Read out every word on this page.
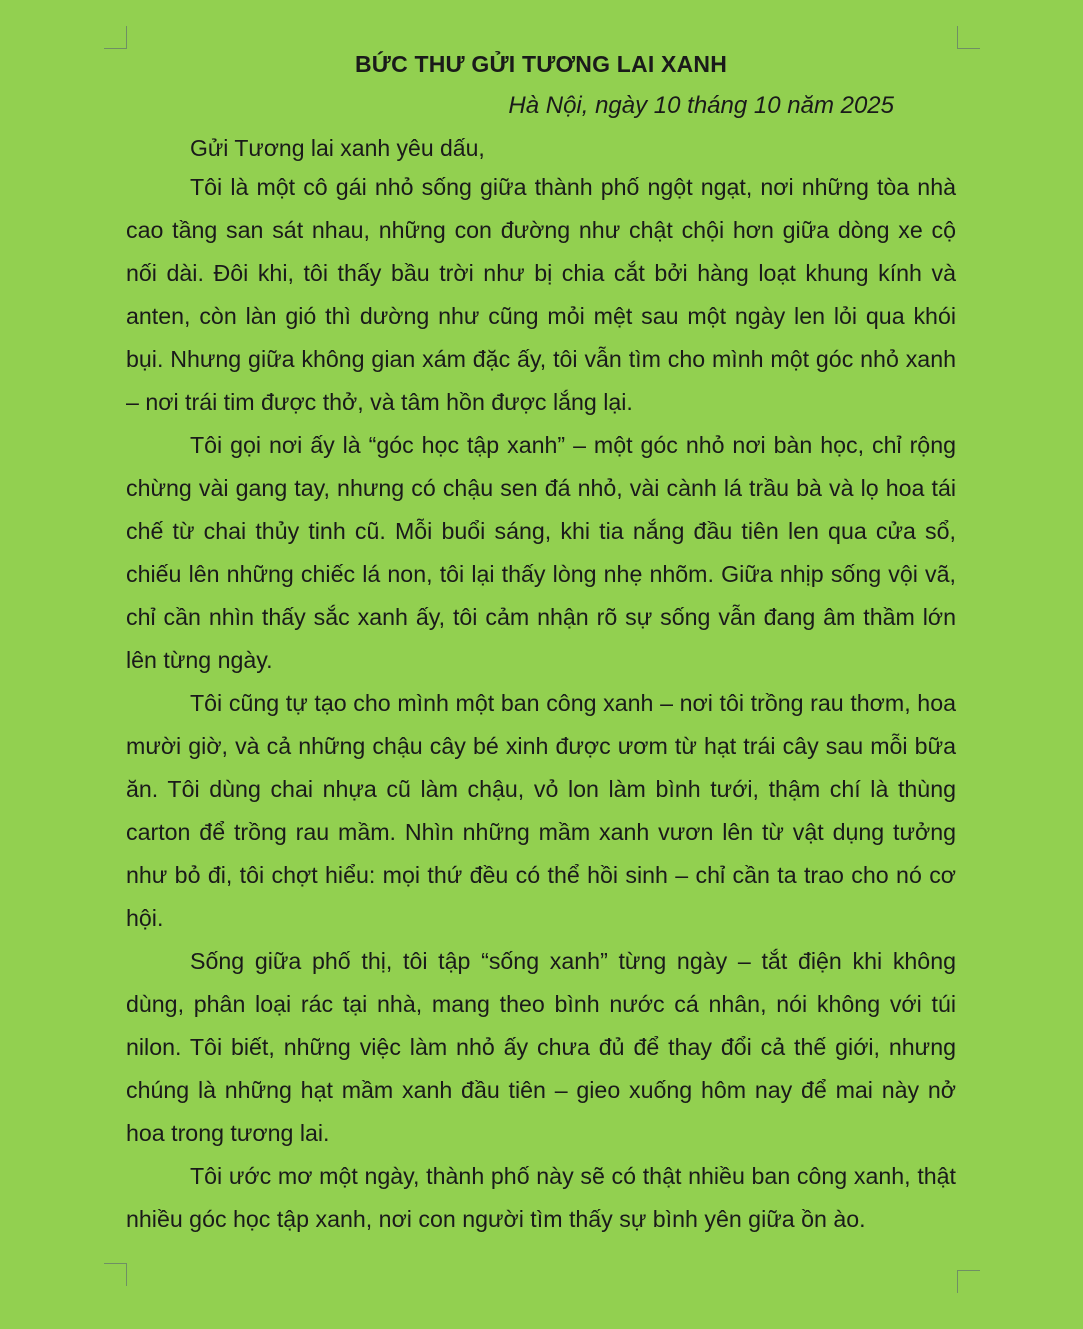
BỨC THƯ GỬI TƯƠNG LAI XANH

Hà Nội, ngày 10 tháng 10 năm 2025

Gửi Tương lai xanh yêu dấu,

Tôi là một cô gái nhỏ sống giữa thành phố ngột ngạt, nơi những tòa nhà cao tầng san sát nhau, những con đường như chật chội hơn giữa dòng xe cộ nối dài. Đôi khi, tôi thấy bầu trời như bị chia cắt bởi hàng loạt khung kính và anten, còn làn gió thì dường như cũng mỏi mệt sau một ngày len lỏi qua khói bụi. Nhưng giữa không gian xám đặc ấy, tôi vẫn tìm cho mình một góc nhỏ xanh – nơi trái tim được thở, và tâm hồn được lắng lại.

Tôi gọi nơi ấy là “góc học tập xanh” – một góc nhỏ nơi bàn học, chỉ rộng chừng vài gang tay, nhưng có chậu sen đá nhỏ, vài cành lá trầu bà và lọ hoa tái chế từ chai thủy tinh cũ. Mỗi buổi sáng, khi tia nắng đầu tiên len qua cửa sổ, chiếu lên những chiếc lá non, tôi lại thấy lòng nhẹ nhõm. Giữa nhịp sống vội vã, chỉ cần nhìn thấy sắc xanh ấy, tôi cảm nhận rõ sự sống vẫn đang âm thầm lớn lên từng ngày.

Tôi cũng tự tạo cho mình một ban công xanh – nơi tôi trồng rau thơm, hoa mười giờ, và cả những chậu cây bé xinh được ươm từ hạt trái cây sau mỗi bữa ăn. Tôi dùng chai nhựa cũ làm chậu, vỏ lon làm bình tưới, thậm chí là thùng carton để trồng rau mầm. Nhìn những mầm xanh vươn lên từ vật dụng tưởng như bỏ đi, tôi chợt hiểu: mọi thứ đều có thể hồi sinh – chỉ cần ta trao cho nó cơ hội.

Sống giữa phố thị, tôi tập “sống xanh” từng ngày – tắt điện khi không dùng, phân loại rác tại nhà, mang theo bình nước cá nhân, nói không với túi nilon. Tôi biết, những việc làm nhỏ ấy chưa đủ để thay đổi cả thế giới, nhưng chúng là những hạt mầm xanh đầu tiên – gieo xuống hôm nay để mai này nở hoa trong tương lai.

Tôi ước mơ một ngày, thành phố này sẽ có thật nhiều ban công xanh, thật nhiều góc học tập xanh, nơi con người tìm thấy sự bình yên giữa ồn ào.
